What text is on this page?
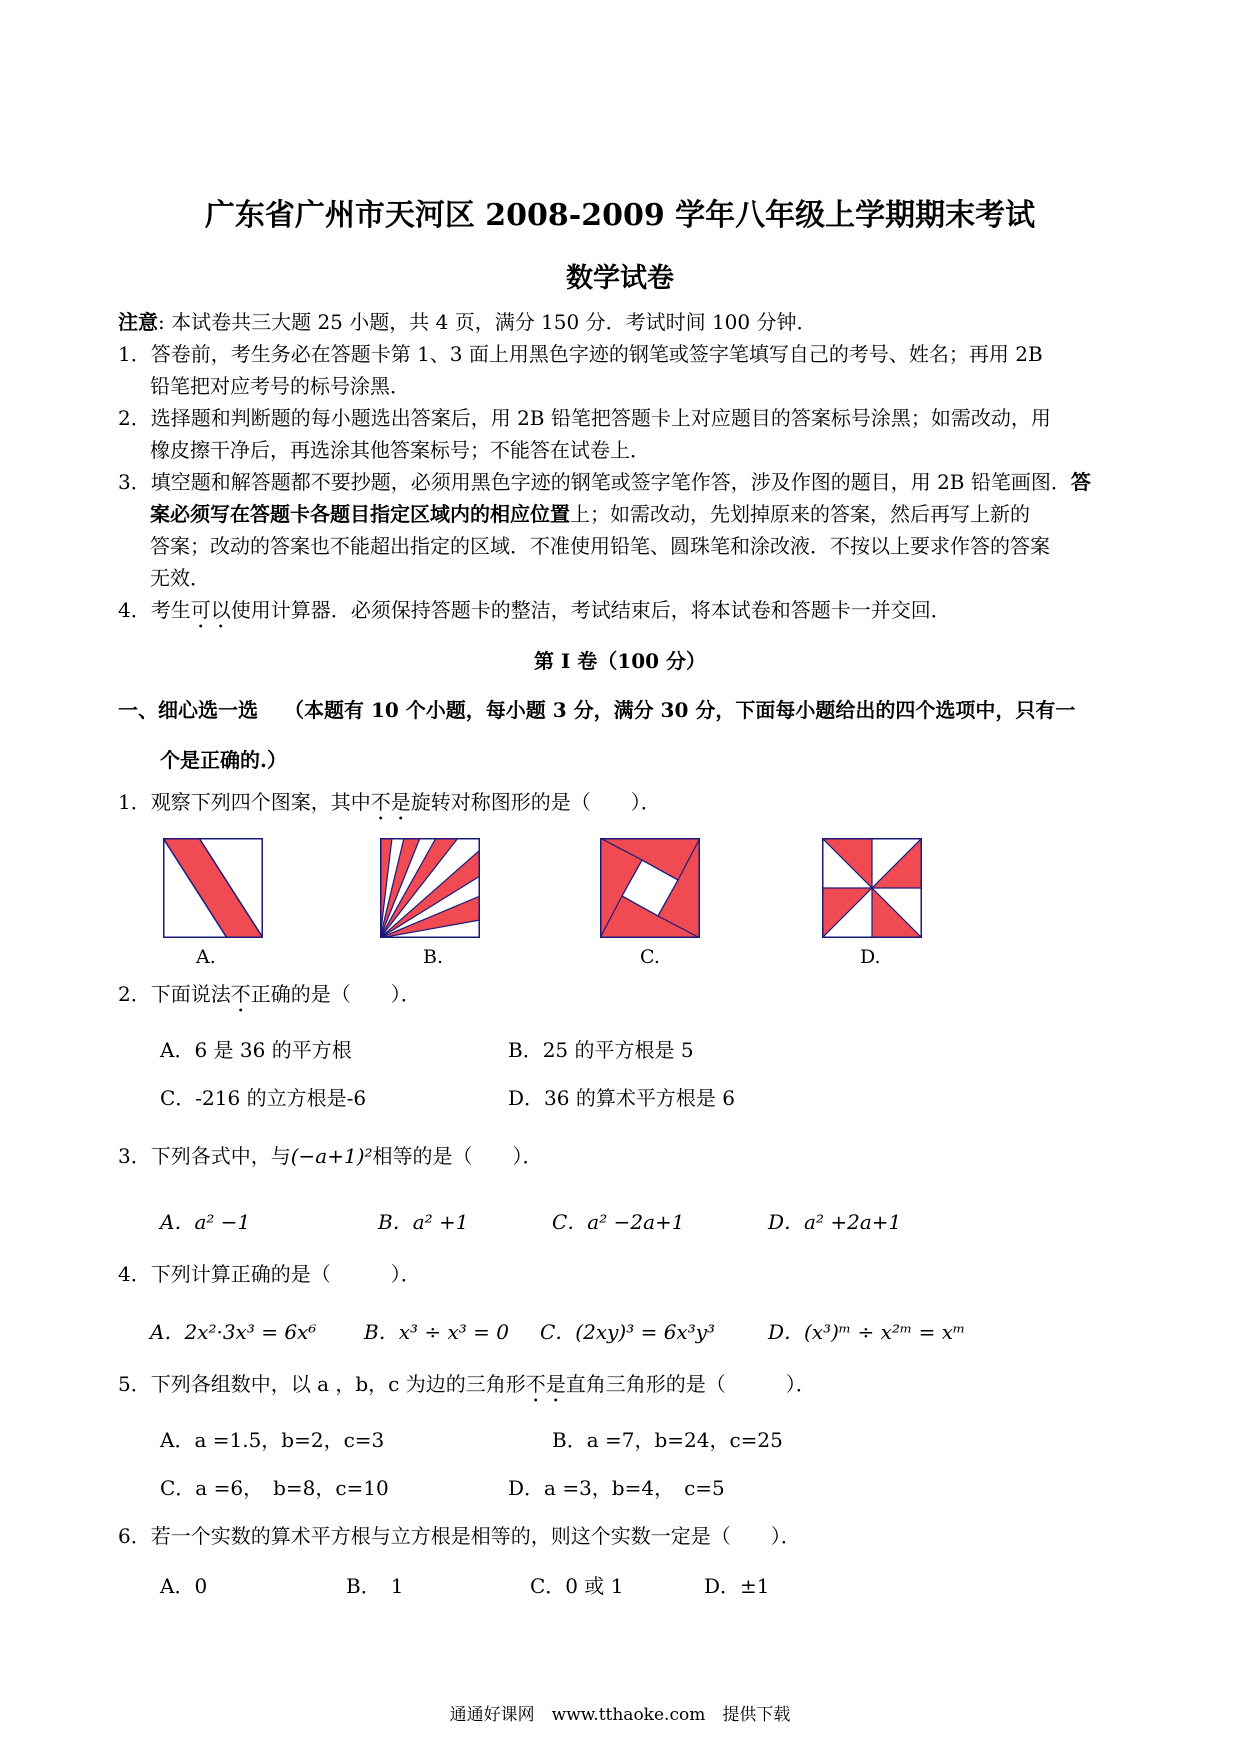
广东省广州市天河区 2008-2009 学年八年级上学期期末考试
数学试卷
注意: 本试卷共三大题 25 小题，共 4 页，满分 150 分．考试时间 100 分钟．
1．答卷前，考生务必在答题卡第 1、3 面上用黑色字迹的钢笔或签字笔填写自己的考号、姓名；再用 2B
铅笔把对应考号的标号涂黑．
2．选择题和判断题的每小题选出答案后，用 2B 铅笔把答题卡上对应题目的答案标号涂黑；如需改动，用
橡皮擦干净后，再选涂其他答案标号；不能答在试卷上．
3．填空题和解答题都不要抄题，必须用黑色字迹的钢笔或签字笔作答，涉及作图的题目，用 2B 铅笔画图．答
案必须写在答题卡各题目指定区域内的相应位置上；如需改动，先划掉原来的答案，然后再写上新的
答案；改动的答案也不能超出指定的区域．不准使用铅笔、圆珠笔和涂改液．不按以上要求作答的答案
无效．
4．考生可以使用计算器．必须保持答题卡的整洁，考试结束后，将本试卷和答题卡一并交回．
第 I 卷（100 分）
一、细心选一选 （本题有 10 个小题，每小题 3 分，满分 30 分，下面每小题给出的四个选项中，只有一
个是正确的.）
1．观察下列四个图案，其中不是旋转对称图形的是（　　）．
A.	B.	C.	D.
2．下面说法不正确的是（　　）．
A．6 是 36 的平方根	B．25 的平方根是 5
C．-216 的立方根是-6	D．36 的算术平方根是 6
3．下列各式中，与(−a+1)²相等的是（　　）．
A．a² −1	B．a² +1	C．a² −2a+1	D．a² +2a+1
4．下列计算正确的是（　　　）．
A．2x²·3x³ = 6x⁶ B．x³ ÷ x³ = 0 C．(2xy)³ = 6x³y³	D．(x³)ᵐ ÷ x²ᵐ = xᵐ
5．下列各组数中，以 a ，b，c 为边的三角形不是直角三角形的是（　　　）．
A．a =1.5，b=2，c=3	B．a =7，b=24，c=25
C．a =6，　b=8，c=10	D．a =3，b=4，　c=5
6．若一个实数的算术平方根与立方根是相等的，则这个实数一定是（　　）．
A．0	B．　1	C．0 或 1	D．±1
通通好课网　www.tthaoke.com　提供下载
